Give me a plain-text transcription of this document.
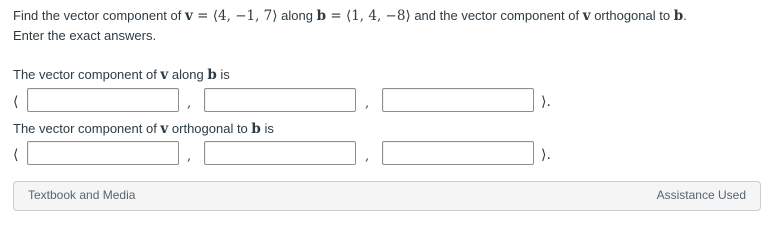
Find the vector component of v = ⟨4, −1, 7⟩ along b = ⟨1, 4, −8⟩ and the vector component of v orthogonal to b.
Enter the exact answers.
The vector component of v along b is
⟨	,	,	⟩.
The vector component of v orthogonal to b is
⟨	,	,	⟩.
Textbook and Media	Assistance Used
